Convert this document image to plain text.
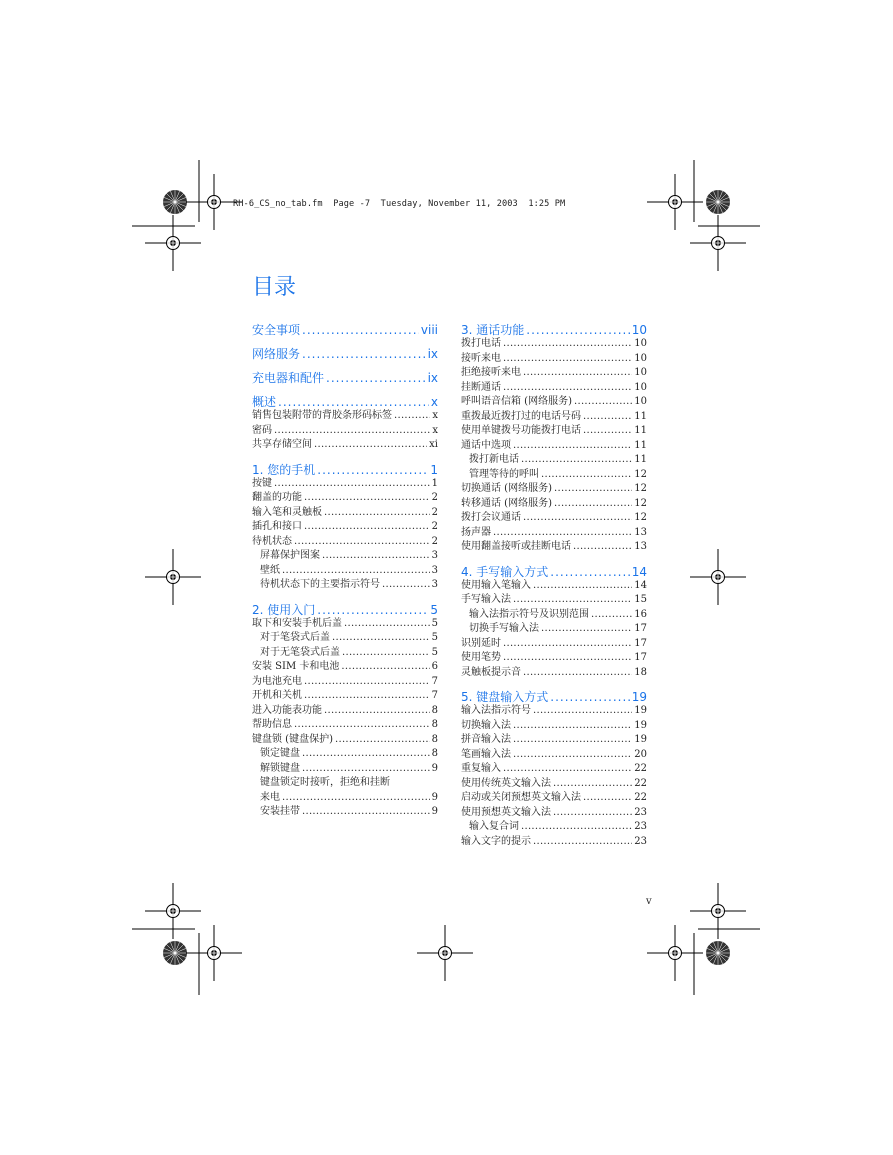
RH-6_CS_no_tab.fm  Page -7  Tuesday, November 11, 2003  1:25 PM
目录
安全事项 .....	viii
网络服务 .....	ix
充电器和配件 .....	ix
概述 .....	x
销售包装附带的背胶条形码标签 .....	x
密码 .....	x
共享存储空间 .....	xi
1. 您的手机 .....	1
按键 .....	1
翻盖的功能 .....	2
输入笔和灵触板 .....	2
插孔和接口 .....	2
待机状态 .....	2
屏幕保护图案 .....	3
壁纸 .....	3
待机状态下的主要指示符号 .....	3
2. 使用入门 .....	5
取下和安装手机后盖 .....	5
对于笔袋式后盖 .....	5
对于无笔袋式后盖 .....	5
安装 SIM 卡和电池 .....	6
为电池充电 .....	7
开机和关机 .....	7
进入功能表功能 .....	8
帮助信息 .....	8
键盘锁 (键盘保护) .....	8
锁定键盘 .....	8
解锁键盘 .....	9
键盘锁定时接听，拒绝和挂断
来电 .....	9
安装挂带 .....	9
3. 通话功能 .....	10
拨打电话 .....	10
接听来电 .....	10
拒绝接听来电 .....	10
挂断通话 .....	10
呼叫语音信箱 (网络服务) .....	10
重拨最近拨打过的电话号码 .....	11
使用单键拨号功能拨打电话 .....	11
通话中选项 .....	11
拨打新电话 .....	11
管理等待的呼叫 .....	12
切换通话 (网络服务) .....	12
转移通话 (网络服务) .....	12
拨打会议通话 .....	12
扬声器 .....	13
使用翻盖接听或挂断电话 .....	13
4. 手写输入方式 .....	14
使用输入笔输入 .....	14
手写输入法 .....	15
输入法指示符号及识别范围 .....	16
切换手写输入法 .....	17
识别延时 .....	17
使用笔势 .....	17
灵触板提示音 .....	18
5. 键盘输入方式 .....	19
输入法指示符号 .....	19
切换输入法 .....	19
拼音输入法 .....	19
笔画输入法 .....	20
重复输入 .....	22
使用传统英文输入法 .....	22
启动或关闭预想英文输入法 .....	22
使用预想英文输入法 .....	23
输入复合词 .....	23
输入文字的提示 .....	23
v
